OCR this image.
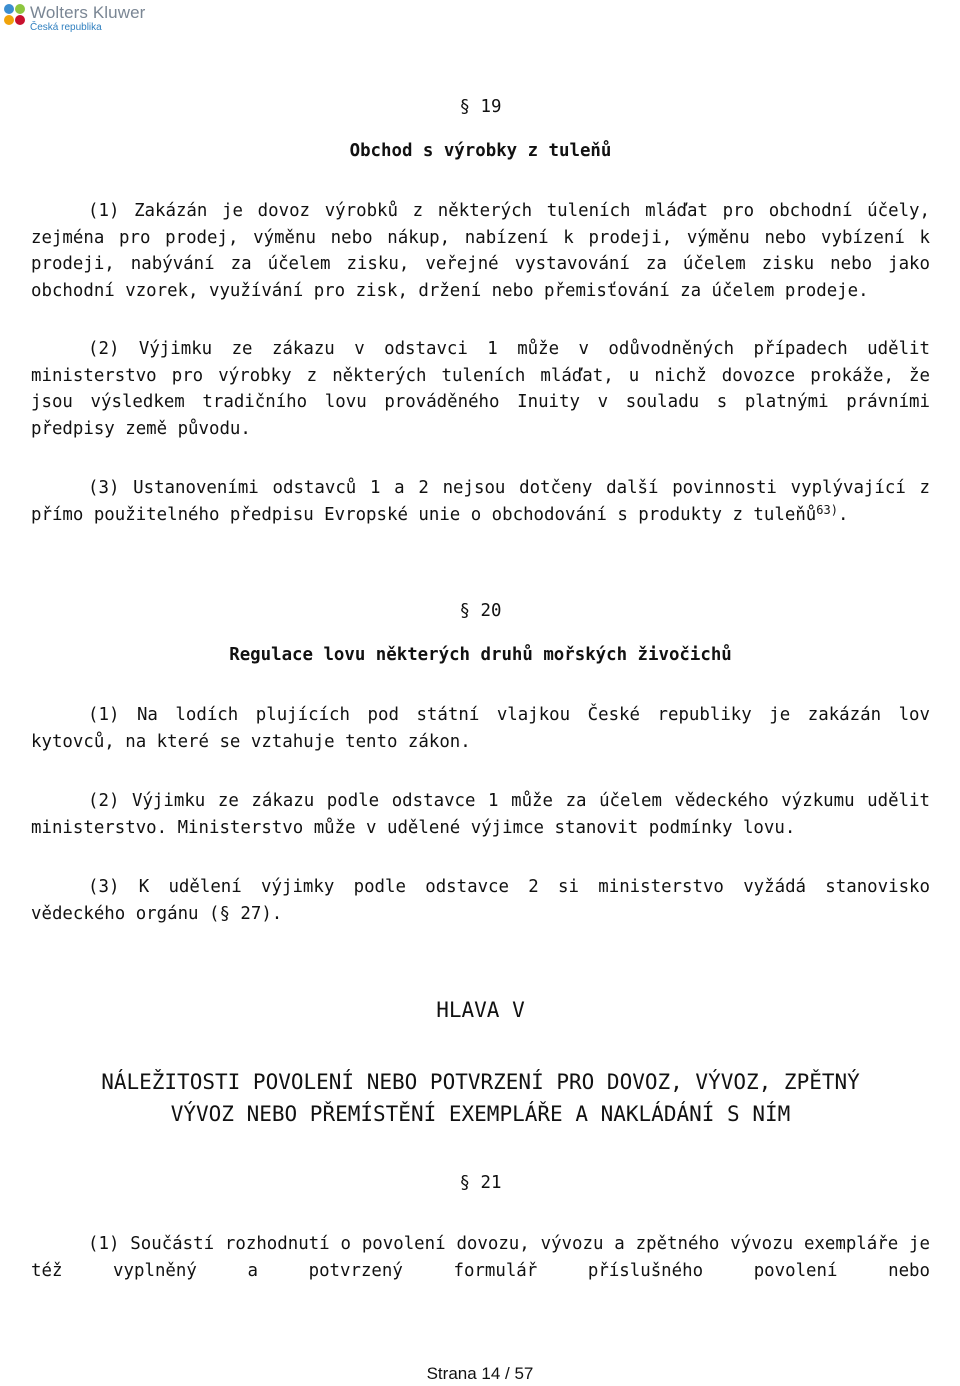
Wolters Kluwer
Česká republika
§ 19
Obchod s výrobky z tuleňů
(1) Zakázán je dovoz výrobků z některých tuleních mláďat pro obchodní účely, zejména pro prodej, výměnu nebo nákup, nabízení k prodeji, výměnu nebo vybízení k prodeji, nabývání za účelem zisku, veřejné vystavování za účelem zisku nebo jako obchodní vzorek, využívání pro zisk, držení nebo přemisťování za účelem prodeje.
(2) Výjimku ze zákazu v odstavci 1 může v odůvodněných případech udělit ministerstvo pro výrobky z některých tuleních mláďat, u nichž dovozce prokáže, že jsou výsledkem tradičního lovu prováděného Inuity v souladu s platnými právními předpisy země původu.
(3) Ustanoveními odstavců 1 a 2 nejsou dotčeny další povinnosti vyplývající z přímo použitelného předpisu Evropské unie o obchodování s produkty z tuleňů$^{63)}$.
§ 20
Regulace lovu některých druhů mořských živočichů
(1) Na lodích plujících pod státní vlajkou České republiky je zakázán lov kytovců, na které se vztahuje tento zákon.
(2) Výjimku ze zákazu podle odstavce 1 může za účelem vědeckého výzkumu udělit ministerstvo. Ministerstvo může v udělené výjimce stanovit podmínky lovu.
(3) K udělení výjimky podle odstavce 2 si ministerstvo vyžádá stanovisko vědeckého orgánu (§ 27).
HLAVA V
NÁLEŽITOSTI POVOLENÍ NEBO POTVRZENÍ PRO DOVOZ, VÝVOZ, ZPĚTNÝ
VÝVOZ NEBO PŘEMÍSTĚNÍ EXEMPLÁŘE A NAKLÁDÁNÍ S NÍM
§ 21
(1) Součástí rozhodnutí o povolení dovozu, vývozu a zpětného vývozu exempláře je též vyplněný a potvrzený formulář příslušného povolení nebo
Strana 14 / 57
